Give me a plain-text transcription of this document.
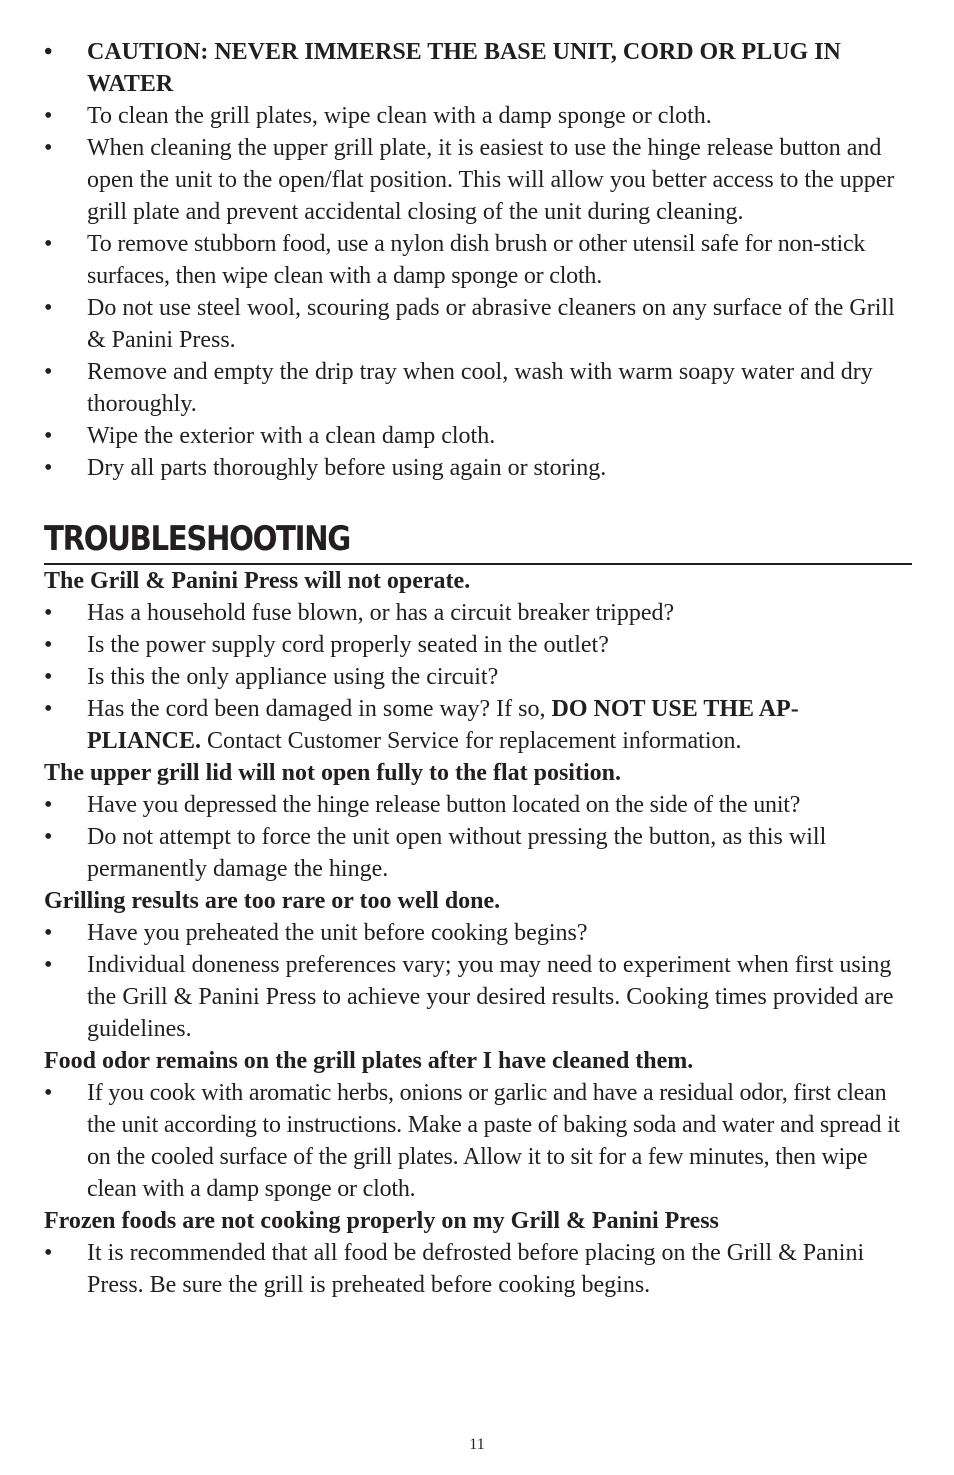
• CAUTION: NEVER IMMERSE THE BASE UNIT, CORD OR PLUG IN WATER
• To clean the grill plates, wipe clean with a damp sponge or cloth.
• When cleaning the upper grill plate, it is easiest to use the hinge release button and open the unit to the open/flat position. This will allow you better access to the upper grill plate and prevent accidental closing of the unit during cleaning.
• To remove stubborn food, use a nylon dish brush or other utensil safe for non-stick surfaces, then wipe clean with a damp sponge or cloth.
• Do not use steel wool, scouring pads or abrasive cleaners on any surface of the Grill & Panini Press.
• Remove and empty the drip tray when cool, wash with warm soapy water and dry thoroughly.
• Wipe the exterior with a clean damp cloth.
• Dry all parts thoroughly before using again or storing.
TROUBLESHOOTING
The Grill & Panini Press will not operate.
• Has a household fuse blown, or has a circuit breaker tripped?
• Is the power supply cord properly seated in the outlet?
• Is this the only appliance using the circuit?
• Has the cord been damaged in some way? If so, DO NOT USE THE AP-PLIANCE. Contact Customer Service for replacement information.
The upper grill lid will not open fully to the flat position.
• Have you depressed the hinge release button located on the side of the unit?
• Do not attempt to force the unit open without pressing the button, as this will permanently damage the hinge.
Grilling results are too rare or too well done.
• Have you preheated the unit before cooking begins?
• Individual doneness preferences vary; you may need to experiment when first using the Grill & Panini Press to achieve your desired results. Cooking times provided are guidelines.
Food odor remains on the grill plates after I have cleaned them.
• If you cook with aromatic herbs, onions or garlic and have a residual odor, first clean the unit according to instructions. Make a paste of baking soda and water and spread it on the cooled surface of the grill plates. Allow it to sit for a few minutes, then wipe clean with a damp sponge or cloth.
Frozen foods are not cooking properly on my Grill & Panini Press
• It is recommended that all food be defrosted before placing on the Grill & Panini Press. Be sure the grill is preheated before cooking begins.
11
